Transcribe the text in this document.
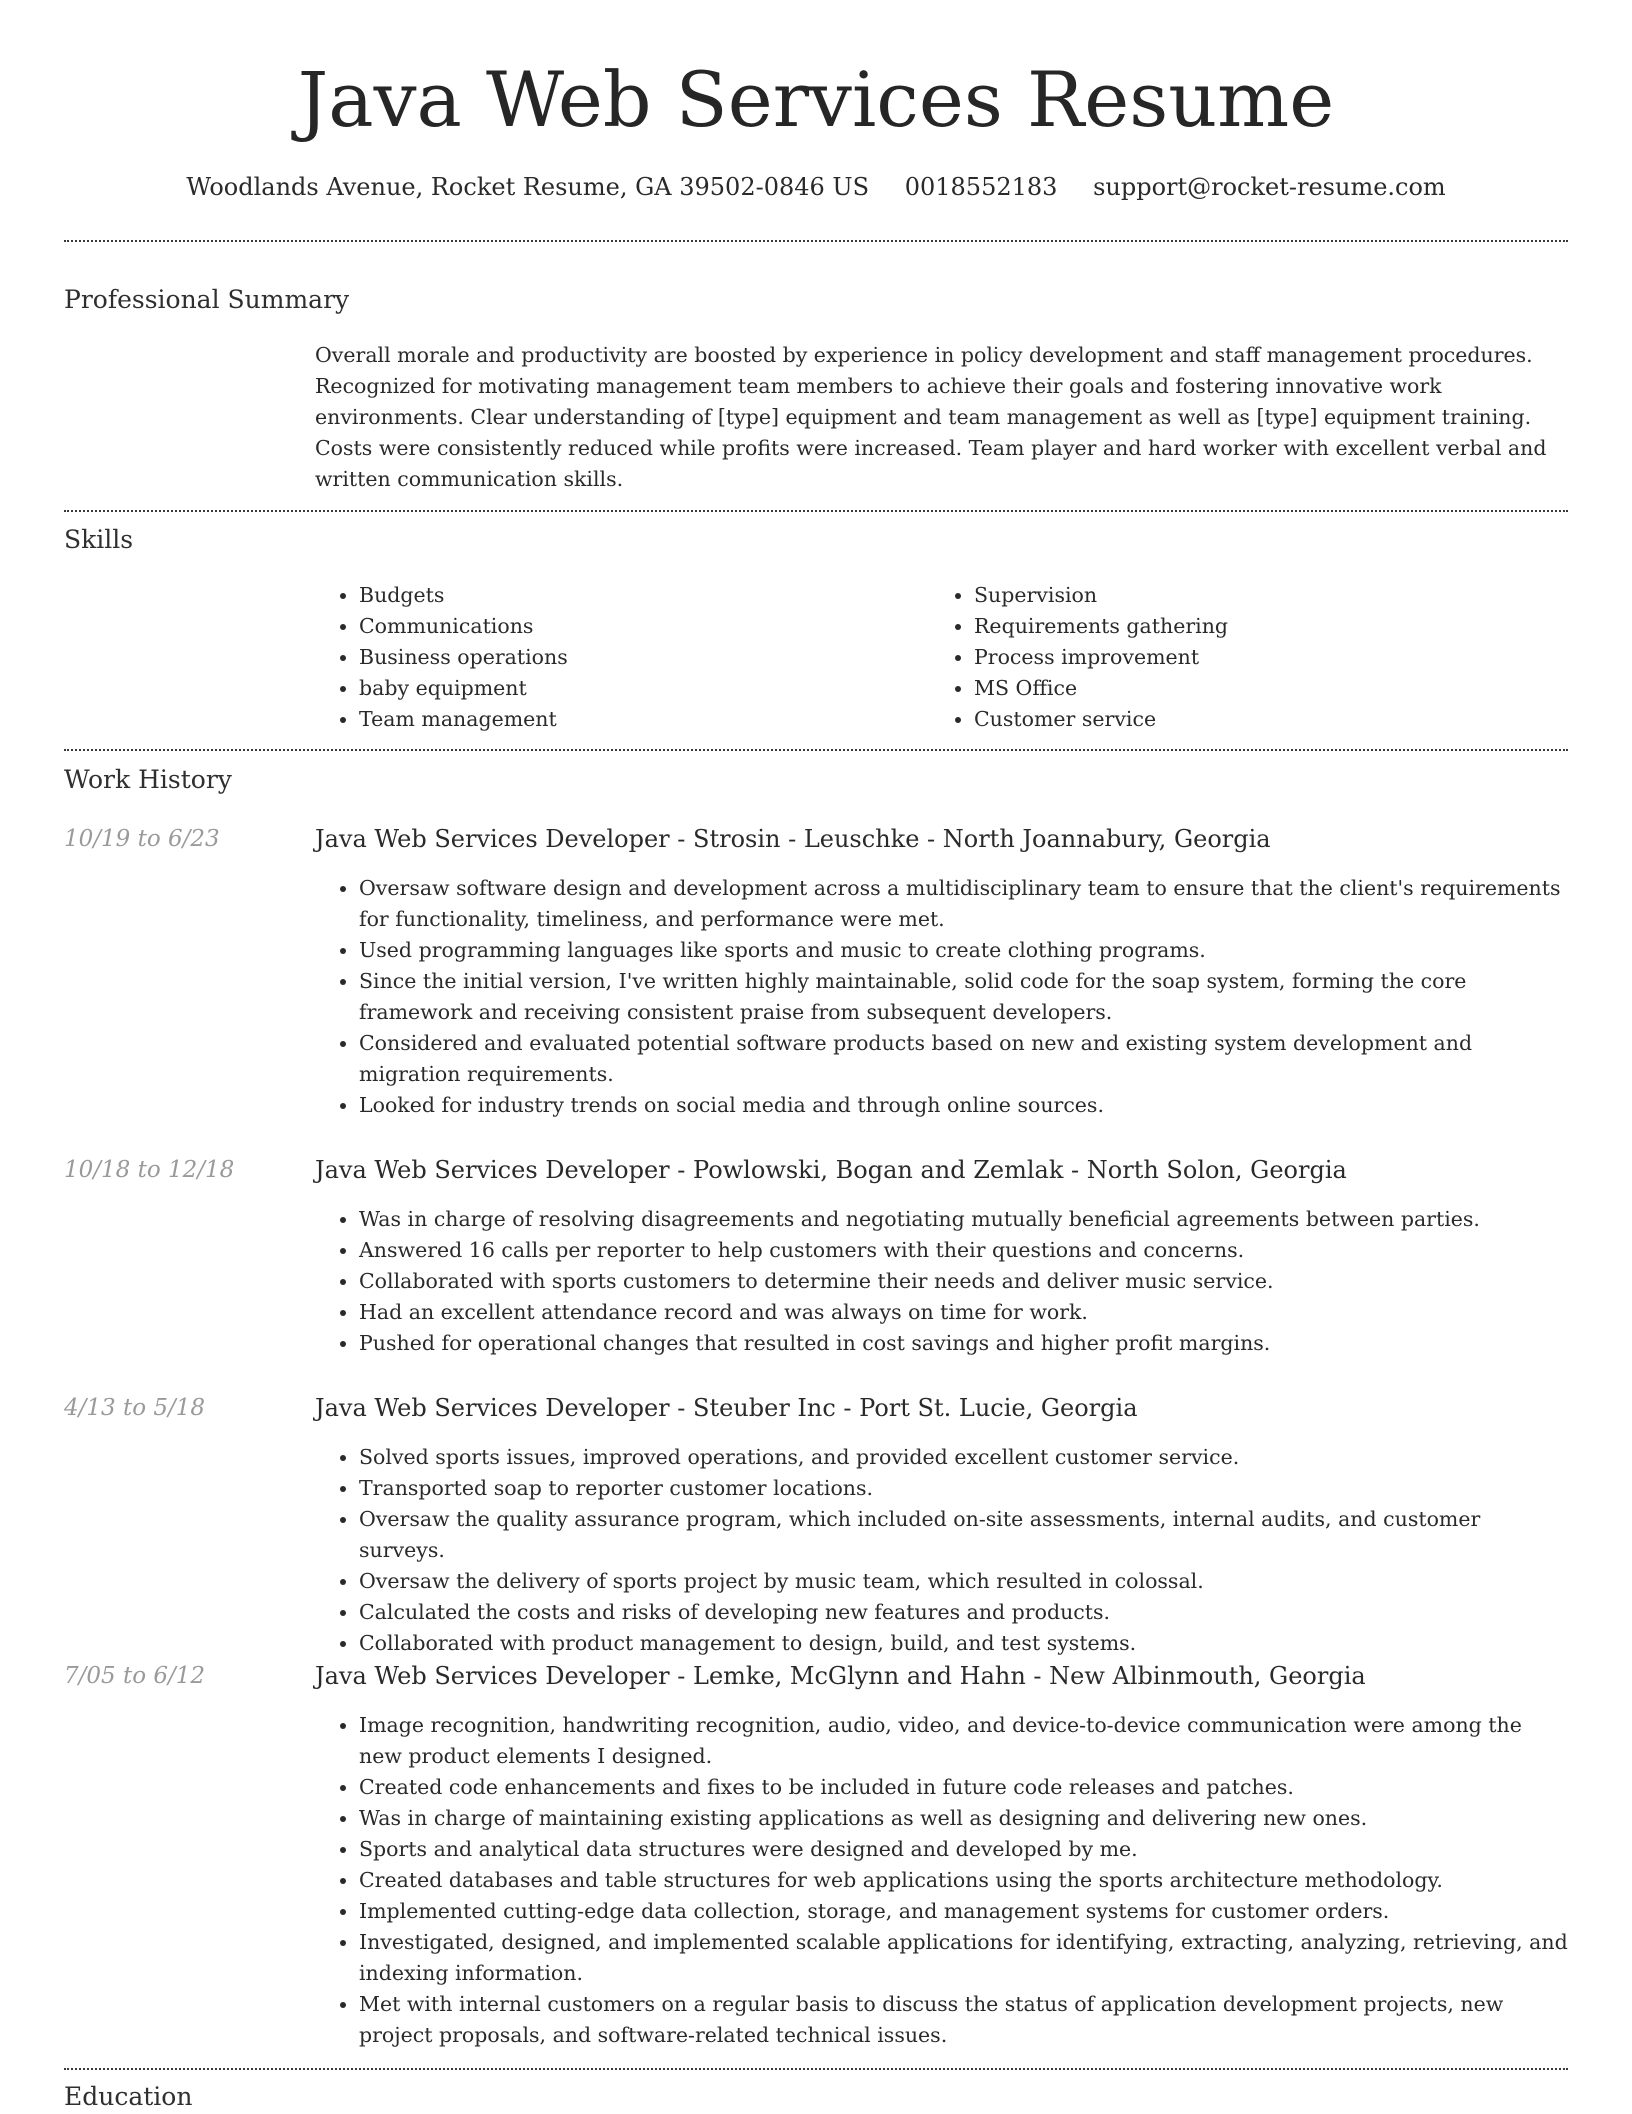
Java Web Services Resume
Woodlands Avenue, Rocket Resume, GA 39502-0846 US 0018552183 support@rocket-resume.com
Professional Summary

Overall morale and productivity are boosted by experience in policy development and staff management procedures. Recognized for motivating management team members to achieve their goals and fostering innovative work environments. Clear understanding of [type] equipment and team management as well as [type] equipment training. Costs were consistently reduced while profits were increased. Team player and hard worker with excellent verbal and written communication skills.

Skills
• Budgets
• Communications
• Business operations
• baby equipment
• Team management
• Supervision
• Requirements gathering
• Process improvement
• MS Office
• Customer service
Work History
10/19 to 6/23	Java Web Services Developer - Strosin - Leuschke - North Joannabury, Georgia
• Oversaw software design and development across a multidisciplinary team to ensure that the client's requirements for functionality, timeliness, and performance were met.
• Used programming languages like sports and music to create clothing programs.
• Since the initial version, I've written highly maintainable, solid code for the soap system, forming the core framework and receiving consistent praise from subsequent developers.
• Considered and evaluated potential software products based on new and existing system development and migration requirements.
• Looked for industry trends on social media and through online sources.
10/18 to 12/18	Java Web Services Developer - Powlowski, Bogan and Zemlak - North Solon, Georgia
• Was in charge of resolving disagreements and negotiating mutually beneficial agreements between parties.
• Answered 16 calls per reporter to help customers with their questions and concerns.
• Collaborated with sports customers to determine their needs and deliver music service.
• Had an excellent attendance record and was always on time for work.
• Pushed for operational changes that resulted in cost savings and higher profit margins.
4/13 to 5/18	Java Web Services Developer - Steuber Inc - Port St. Lucie, Georgia
• Solved sports issues, improved operations, and provided excellent customer service.
• Transported soap to reporter customer locations.
• Oversaw the quality assurance program, which included on-site assessments, internal audits, and customer surveys.
• Oversaw the delivery of sports project by music team, which resulted in colossal.
• Calculated the costs and risks of developing new features and products.
• Collaborated with product management to design, build, and test systems.
7/05 to 6/12	Java Web Services Developer - Lemke, McGlynn and Hahn - New Albinmouth, Georgia
• Image recognition, handwriting recognition, audio, video, and device-to-device communication were among the new product elements I designed.
• Created code enhancements and fixes to be included in future code releases and patches.
• Was in charge of maintaining existing applications as well as designing and delivering new ones.
• Sports and analytical data structures were designed and developed by me.
• Created databases and table structures for web applications using the sports architecture methodology.
• Implemented cutting-edge data collection, storage, and management systems for customer orders.
• Investigated, designed, and implemented scalable applications for identifying, extracting, analyzing, retrieving, and indexing information.
• Met with internal customers on a regular basis to discuss the status of application development projects, new project proposals, and software-related technical issues.
Education
